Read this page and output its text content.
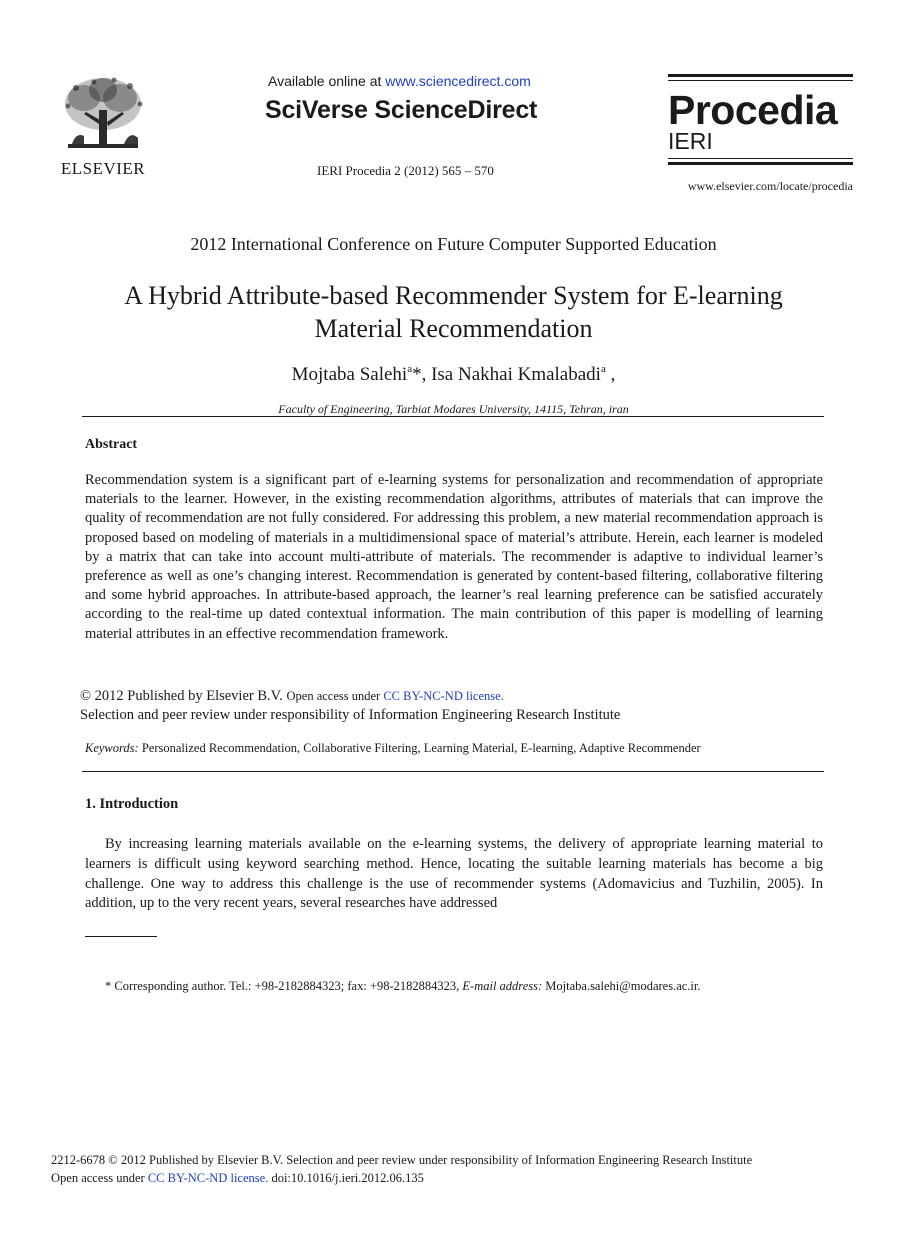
ELSEVIER
Available online at www.sciencedirect.com
SciVerse ScienceDirect
IERI Procedia 2 (2012) 565 – 570
Procedia
IERI
www.elsevier.com/locate/procedia
2012 International Conference on Future Computer Supported Education
A Hybrid Attribute-based Recommender System for E-learning
Material Recommendation
Mojtaba Salehi$^a$*, Isa Nakhai Kmalabadi$^a$ ,
Faculty of Engineering, Tarbiat Modares University, 14115, Tehran, iran
Abstract
Recommendation system is a significant part of e-learning systems for personalization and recommendation of appropriate materials to the learner. However, in the existing recommendation algorithms, attributes of materials that can improve the quality of recommendation are not fully considered. For addressing this problem, a new material recommendation approach is proposed based on modeling of materials in a multidimensional space of material’s attribute. Herein, each learner is modeled by a matrix that can take into account multi-attribute of materials. The recommender is adaptive to individual learner’s preference as well as one’s changing interest. Recommendation is generated by content-based filtering, collaborative filtering and some hybrid approaches. In attribute-based approach, the learner’s real learning preference can be satisfied accurately according to the real-time up dated contextual information. The main contribution of this paper is modelling of learning material attributes in an effective recommendation framework.
© 2012 Published by Elsevier B.V. Open access under CC BY-NC-ND license.
Selection and peer review under responsibility of Information Engineering Research Institute
Keywords: Personalized Recommendation, Collaborative Filtering, Learning Material, E-learning, Adaptive Recommender
1. Introduction
By increasing learning materials available on the e-learning systems, the delivery of appropriate learning material to learners is difficult using keyword searching method. Hence, locating the suitable learning materials has become a big challenge. One way to address this challenge is the use of recommender systems (Adomavicius and Tuzhilin, 2005). In addition, up to the very recent years, several researches have addressed
* Corresponding author. Tel.: +98-2182884323; fax: +98-2182884323, E-mail address: Mojtaba.salehi@modares.ac.ir.
2212-6678 © 2012 Published by Elsevier B.V. Selection and peer review under responsibility of Information Engineering Research Institute
Open access under CC BY-NC-ND license. doi:10.1016/j.ieri.2012.06.135
